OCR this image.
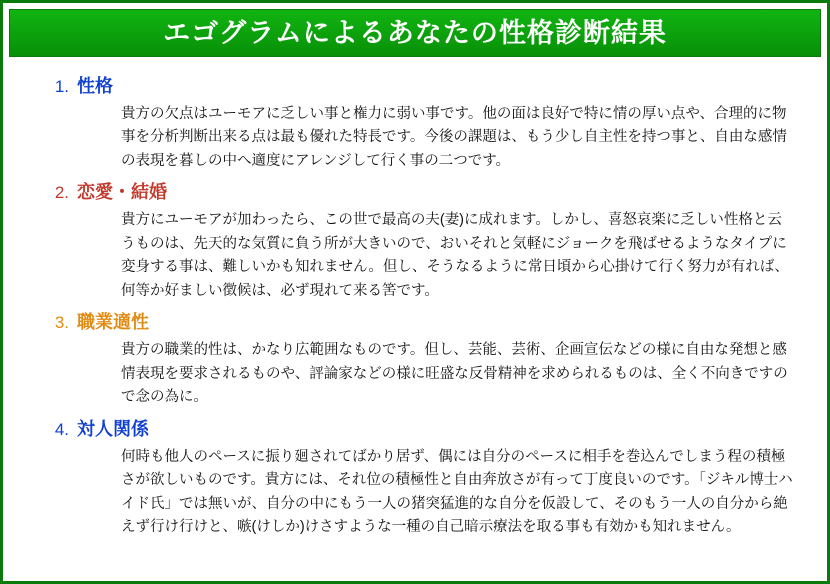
エゴグラムによるあなたの性格診断結果
1. 性格

貴方の欠点はユーモアに乏しい事と権力に弱い事です。他の面は良好で特に情の厚い点や、合理的に物事を分析判断出来る点は最も優れた特長です。今後の課題は、もう少し自主性を持つ事と、自由な感情の表現を暮しの中へ適度にアレンジして行く事の二つです。

2. 恋愛・結婚

貴方にユーモアが加わったら、この世で最高の夫(妻)に成れます。しかし、喜怒哀楽に乏しい性格と云うものは、先天的な気質に負う所が大きいので、おいそれと気軽にジョークを飛ばせるようなタイプに変身する事は、難しいかも知れません。但し、そうなるように常日頃から心掛けて行く努力が有れば、何等か好ましい徴候は、必ず現れて来る筈です。

3. 職業適性

貴方の職業的性は、かなり広範囲なものです。但し、芸能、芸術、企画宣伝などの様に自由な発想と感情表現を要求されるものや、評論家などの様に旺盛な反骨精神を求められるものは、全く不向きですので念の為に。

4. 対人関係

何時も他人のペースに振り廻されてばかり居ず、偶には自分のペースに相手を巻込んでしまう程の積極さが欲しいものです。貴方には、それ位の積極性と自由奔放さが有って丁度良いのです。「ジキル博士ハイド氏」では無いが、自分の中にもう一人の猪突猛進的な自分を仮設して、そのもう一人の自分から絶えず行け行けと、嗾(けしか)けさすような一種の自己暗示療法を取る事も有効かも知れません。
